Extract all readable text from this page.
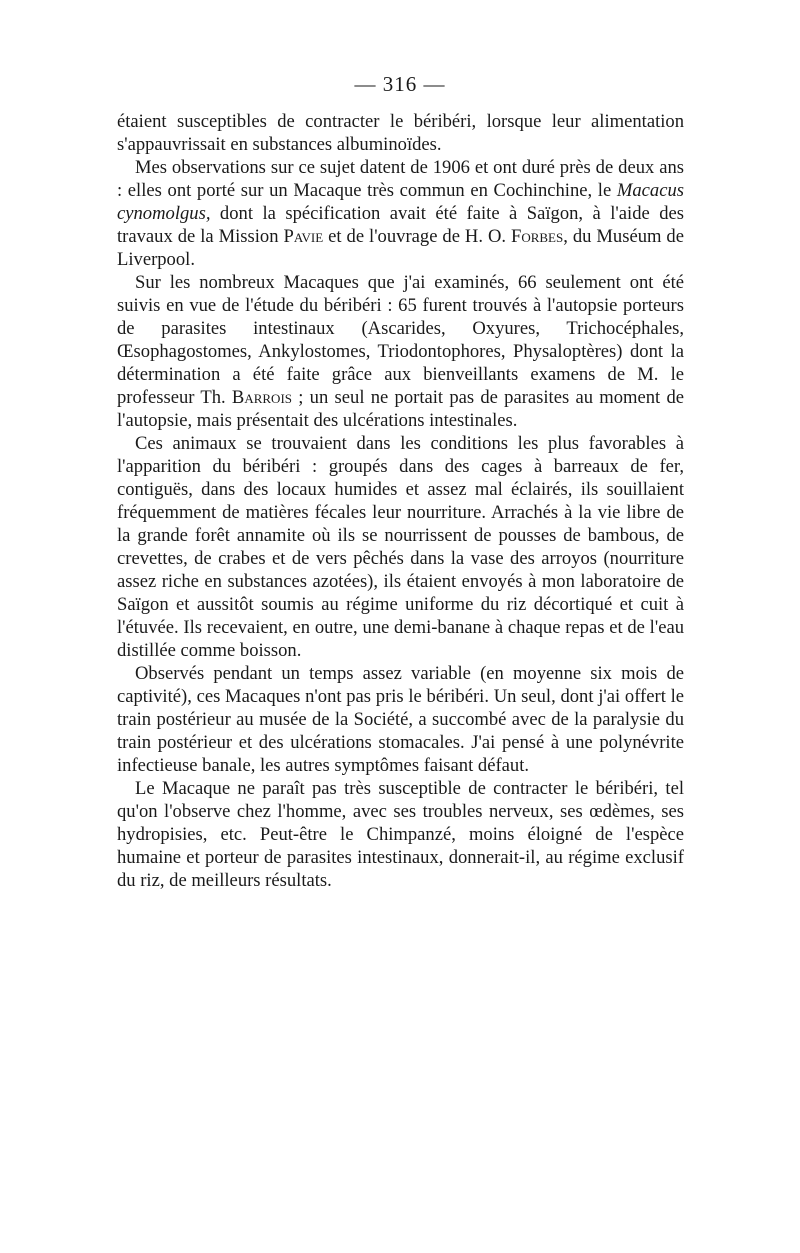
— 316 —

étaient susceptibles de contracter le béribéri, lorsque leur alimentation s'appauvrissait en substances albuminoïdes.

Mes observations sur ce sujet datent de 1906 et ont duré près de deux ans : elles ont porté sur un Macaque très commun en Cochinchine, le Macacus cynomolgus, dont la spécification avait été faite à Saïgon, à l'aide des travaux de la Mission Pavie et de l'ouvrage de H. O. Forbes, du Muséum de Liverpool.

Sur les nombreux Macaques que j'ai examinés, 66 seulement ont été suivis en vue de l'étude du béribéri : 65 furent trouvés à l'autopsie porteurs de parasites intestinaux (Ascarides, Oxyures, Trichocéphales, Œsophagostomes, Ankylostomes, Triodontophores, Physaloptères) dont la détermination a été faite grâce aux bienveillants examens de M. le professeur Th. Barrois ; un seul ne portait pas de parasites au moment de l'autopsie, mais présentait des ulcérations intestinales.

Ces animaux se trouvaient dans les conditions les plus favorables à l'apparition du béribéri : groupés dans des cages à barreaux de fer, contiguës, dans des locaux humides et assez mal éclairés, ils souillaient fréquemment de matières fécales leur nourriture. Arrachés à la vie libre de la grande forêt annamite où ils se nourrissent de pousses de bambous, de crevettes, de crabes et de vers pêchés dans la vase des arroyos (nourriture assez riche en substances azotées), ils étaient envoyés à mon laboratoire de Saïgon et aussitôt soumis au régime uniforme du riz décortiqué et cuit à l'étuvée. Ils recevaient, en outre, une demi-banane à chaque repas et de l'eau distillée comme boisson.

Observés pendant un temps assez variable (en moyenne six mois de captivité), ces Macaques n'ont pas pris le béribéri. Un seul, dont j'ai offert le train postérieur au musée de la Société, a succombé avec de la paralysie du train postérieur et des ulcérations stomacales. J'ai pensé à une polynévrite infectieuse banale, les autres symptômes faisant défaut.

Le Macaque ne paraît pas très susceptible de contracter le béribéri, tel qu'on l'observe chez l'homme, avec ses troubles nerveux, ses œdèmes, ses hydropisies, etc. Peut-être le Chimpanzé, moins éloigné de l'espèce humaine et porteur de parasites intestinaux, donnerait-il, au régime exclusif du riz, de meilleurs résultats.
